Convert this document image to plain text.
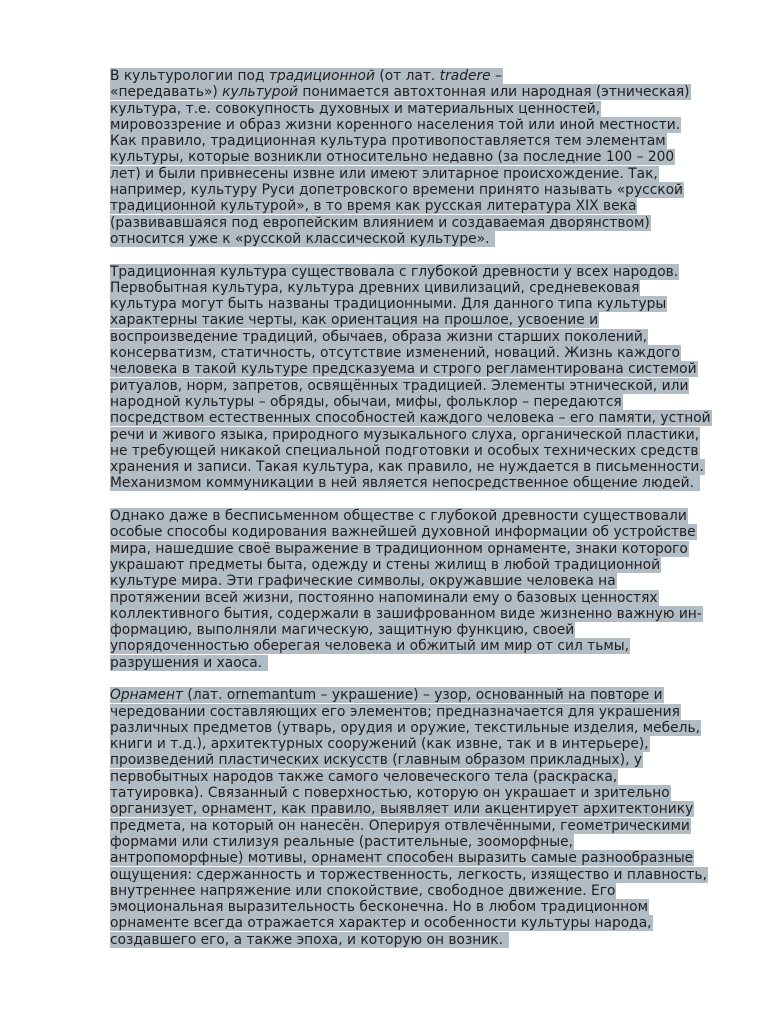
В культурологии под традиционной (от лат. tradere –
«передавать») культурой понимается автохтонная или народная (этническая)
культура, т.е. совокупность духовных и материальных ценностей,
мировоззрение и образ жизни коренного населения той или иной местности.
Как правило, традиционная культура противопоставляется тем элементам
культуры, которые возникли относительно недавно (за последние 100 – 200
лет) и были привнесены извне или имеют элитарное происхождение. Так,
например, культуру Руси допетровского времени принято называть «русской
традиционной культурой», в то время как русская литература XIX века
(развивавшаяся под европейским влиянием и создаваемая дворянством)
относится уже к «русской классической культуре».
Традиционная культура существовала с глубокой древности у всех народов.
Первобытная культура, культура древних цивилизаций, средневековая
культура могут быть названы традиционными. Для данного типа культуры
характерны такие черты, как ориентация на прошлое, усвоение и
воспроизведение традиций, обычаев, образа жизни старших поколений,
консерватизм, статичность, отсутствие изменений, новаций. Жизнь каждого
человека в такой культуре предсказуема и строго регламентирована системой
ритуалов, норм, запретов, освящённых традицией. Элементы этнической, или
народной культуры – обряды, обычаи, мифы, фольклор – передаются
посредством естественных способностей каждого человека – его памяти, устной
речи и живого языка, природного музыкального слуха, органической пластики,
не требующей никакой специальной подготовки и особых технических средств
хранения и записи. Такая культура, как правило, не нуждается в письменности.
Механизмом коммуникации в ней является непосредственное общение людей.
Однако даже в бесписьменном обществе с глубокой древности существовали
особые способы кодирования важнейшей духовной информации об устройстве
мира, нашедшие своё выражение в традиционном орнаменте, знаки которого
украшают предметы быта, одежду и стены жилищ в любой традиционной
культуре мира. Эти графические символы, окружавшие человека на
протяжении всей жизни, постоянно напоминали ему о базовых ценностях
коллективного бытия, содержали в зашифрованном виде жизненно важную ин-
формацию, выполняли магическую, защитную функцию, своей
упорядоченностью оберегая человека и обжитый им мир от сил тьмы,
разрушения и хаоса.
Орнамент (лат. ornemantum – украшение) – узор, основанный на повторе и
чередовании составляющих его элементов; предназначается для украшения
различных предметов (утварь, орудия и оружие, текстильные изделия, мебель,
книги и т.д.), архитектурных сооружений (как извне, так и в интерьере),
произведений пластических искусств (главным образом прикладных), у
первобытных народов также самого человеческого тела (раскраска,
татуировка). Связанный с поверхностью, которую он украшает и зрительно
организует, орнамент, как правило, выявляет или акцентирует архитектонику
предмета, на который он нанесён. Оперируя отвлечёнными, геометрическими
формами или стилизуя реальные (растительные, зооморфные,
антропоморфные) мотивы, орнамент способен выразить самые разнообразные
ощущения: сдержанность и торжественность, легкость, изящество и плавность,
внутреннее напряжение или спокойствие, свободное движение. Его
эмоциональная выразительность бесконечна. Но в любом традиционном
орнаменте всегда отражается характер и особенности культуры народа,
создавшего его, а также эпоха, и которую он возник.
